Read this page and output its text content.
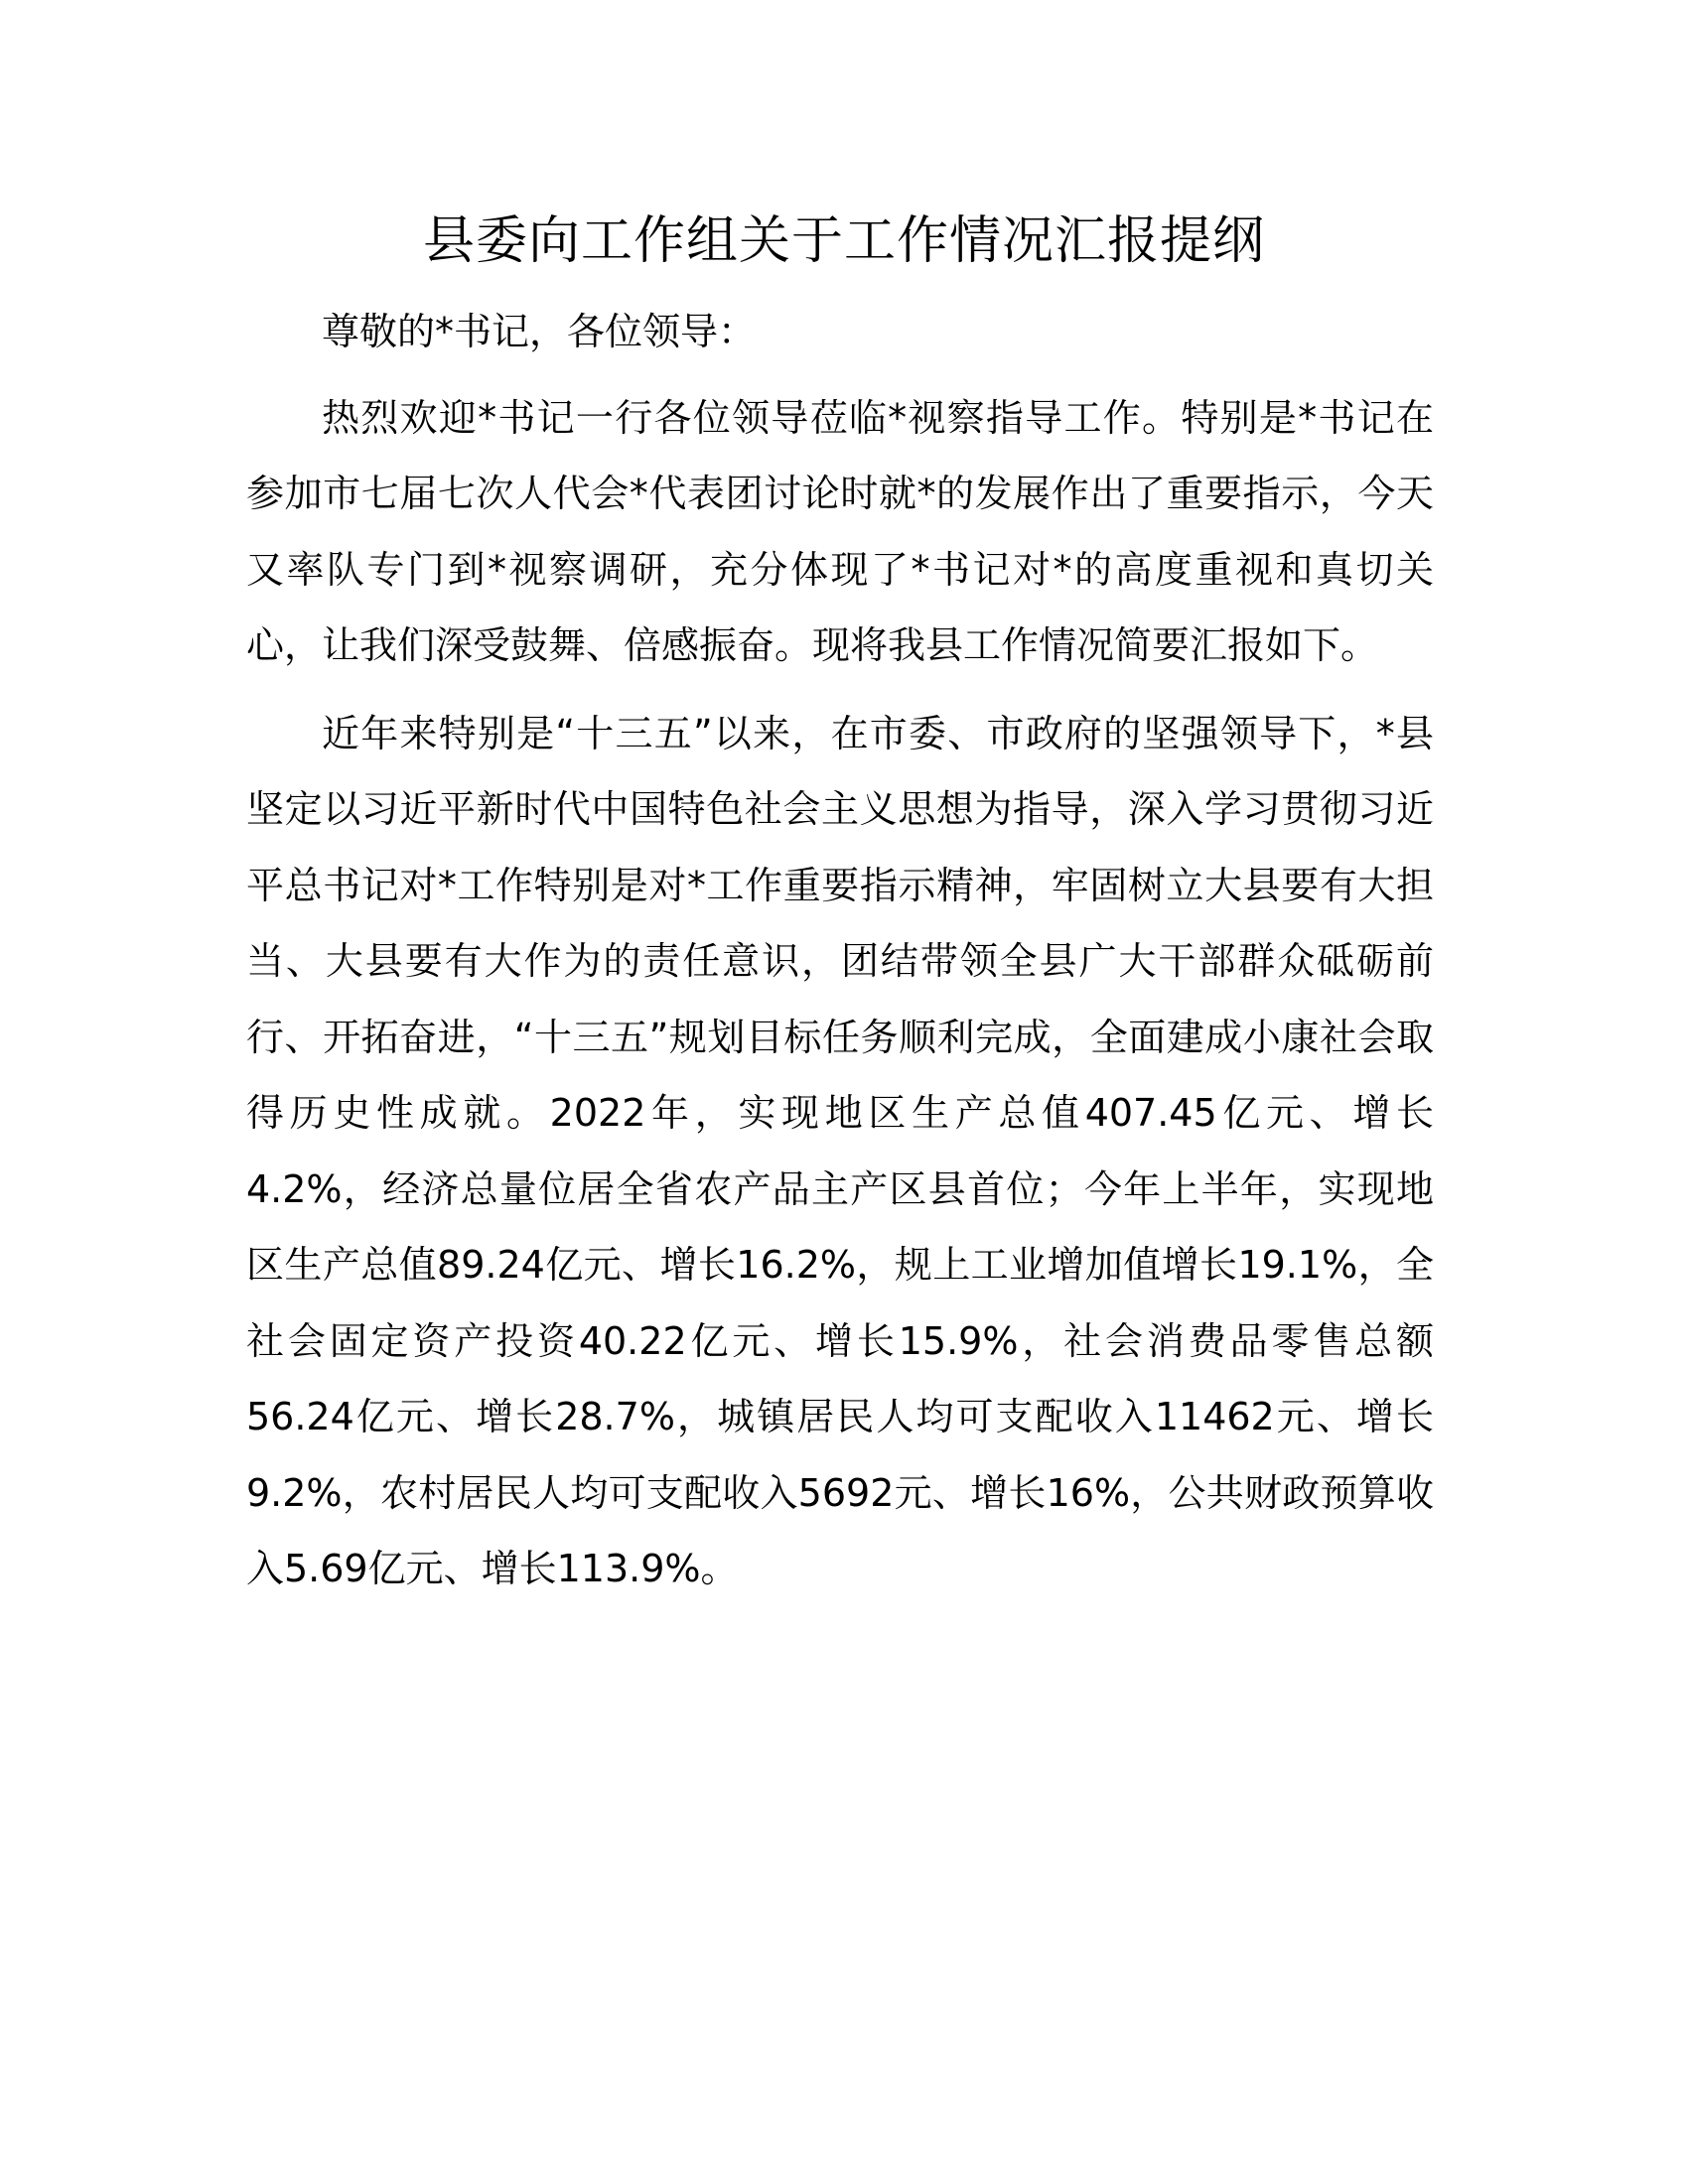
县委向工作组关于工作情况汇报提纲

尊敬的*书记，各位领导：

热烈欢迎*书记一行各位领导莅临*视察指导工作。特别是*书记在参加市七届七次人代会*代表团讨论时就*的发展作出了重要指示，今天又率队专门到*视察调研，充分体现了*书记对*的高度重视和真切关心，让我们深受鼓舞、倍感振奋。现将我县工作情况简要汇报如下。

近年来特别是“十三五”以来，在市委、市政府的坚强领导下，*县坚定以习近平新时代中国特色社会主义思想为指导，深入学习贯彻习近平总书记对*工作特别是对*工作重要指示精神，牢固树立大县要有大担当、大县要有大作为的责任意识，团结带领全县广大干部群众砥砺前行、开拓奋进，“十三五”规划目标任务顺利完成，全面建成小康社会取得历史性成就。2022年，实现地区生产总值407.45亿元、增长4.2%，经济总量位居全省农产品主产区县首位；今年上半年，实现地区生产总值89.24亿元、增长16.2%，规上工业增加值增长19.1%，全社会固定资产投资40.22亿元、增长15.9%，社会消费品零售总额56.24亿元、增长28.7%，城镇居民人均可支配收入11462元、增长9.2%，农村居民人均可支配收入5692元、增长16%，公共财政预算收入5.69亿元、增长113.9%。
